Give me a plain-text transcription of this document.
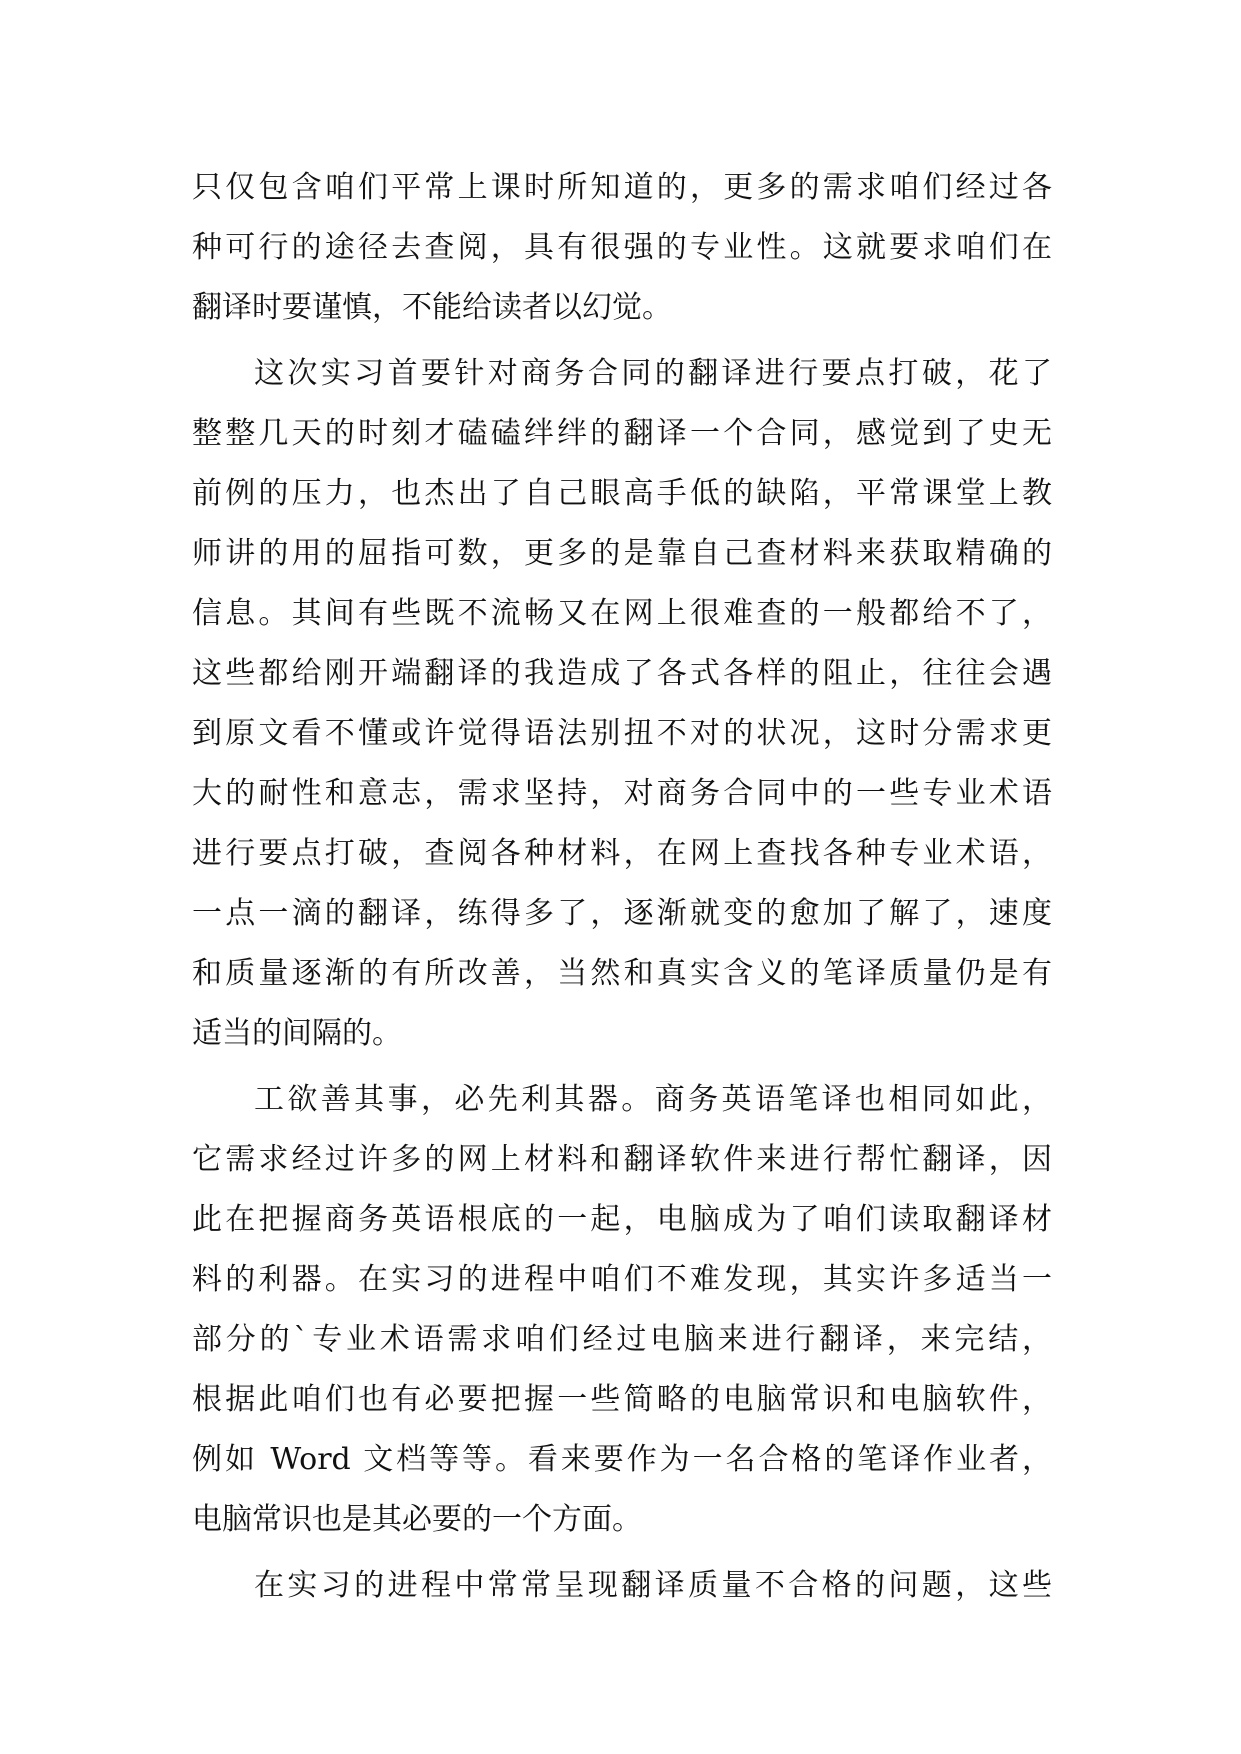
只仅包含咱们平常上课时所知道的，更多的需求咱们经过各
种可行的途径去查阅，具有很强的专业性。这就要求咱们在
翻译时要谨慎，不能给读者以幻觉。
这次实习首要针对商务合同的翻译进行要点打破，花了
整整几天的时刻才磕磕绊绊的翻译一个合同，感觉到了史无
前例的压力，也杰出了自己眼高手低的缺陷，平常课堂上教
师讲的用的屈指可数，更多的是靠自己查材料来获取精确的
信息。其间有些既不流畅又在网上很难查的一般都给不了，
这些都给刚开端翻译的我造成了各式各样的阻止，往往会遇
到原文看不懂或许觉得语法别扭不对的状况，这时分需求更
大的耐性和意志，需求坚持，对商务合同中的一些专业术语
进行要点打破，查阅各种材料，在网上查找各种专业术语，
一点一滴的翻译，练得多了，逐渐就变的愈加了解了，速度
和质量逐渐的有所改善，当然和真实含义的笔译质量仍是有
适当的间隔的。
工欲善其事，必先利其器。商务英语笔译也相同如此，
它需求经过许多的网上材料和翻译软件来进行帮忙翻译，因
此在把握商务英语根底的一起，电脑成为了咱们读取翻译材
料的利器。在实习的进程中咱们不难发现，其实许多适当一
部分的`专业术语需求咱们经过电脑来进行翻译，来完结，
根据此咱们也有必要把握一些简略的电脑常识和电脑软件，
例如 Word 文档等等。看来要作为一名合格的笔译作业者，
电脑常识也是其必要的一个方面。
在实习的进程中常常呈现翻译质量不合格的问题，这些
